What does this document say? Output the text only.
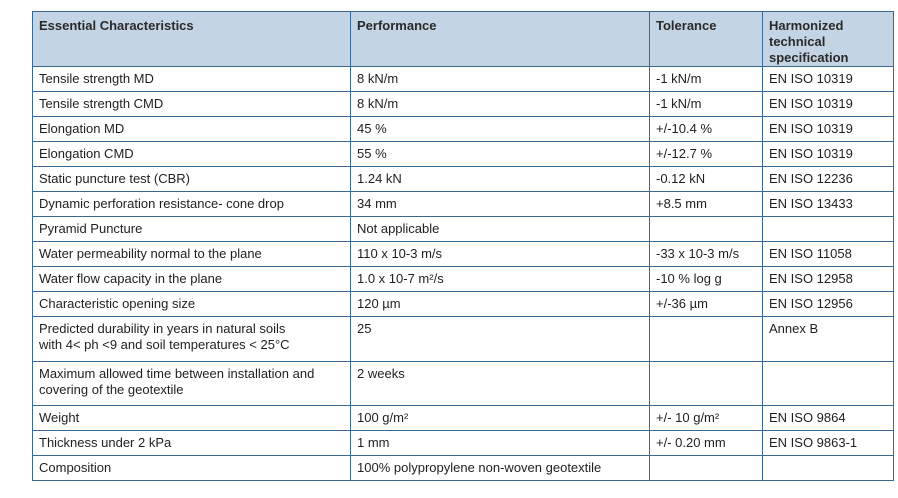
Essential Characteristics	Performance	Tolerance	Harmonized technical specification
Tensile strength MD	8 kN/m	-1 kN/m	EN ISO 10319
Tensile strength CMD	8 kN/m	-1 kN/m	EN ISO 10319
Elongation MD	45 %	+/-10.4 %	EN ISO 10319
Elongation CMD	55 %	+/-12.7 %	EN ISO 10319
Static puncture test (CBR)	1.24 kN	-0.12 kN	EN ISO 12236
Dynamic perforation resistance- cone drop	34 mm	+8.5 mm	EN ISO 13433
Pyramid Puncture	Not applicable		
Water permeability normal to the plane	110 x 10-3 m/s	-33 x 10-3 m/s	EN ISO 11058
Water flow capacity in the plane	1.0 x 10-7 m²/s	-10 % log g	EN ISO 12958
Characteristic opening size	120 µm	+/-36 µm	EN ISO 12956
Predicted durability in years in natural soils
with 4< ph <9 and soil temperatures < 25°C	25		Annex B
Maximum allowed time between installation and
covering of the geotextile	2 weeks		
Weight	100 g/m²	+/- 10 g/m²	EN ISO 9864
Thickness under 2 kPa	1 mm	+/- 0.20 mm	EN ISO 9863-1
Composition	100% polypropylene non-woven geotextile		
